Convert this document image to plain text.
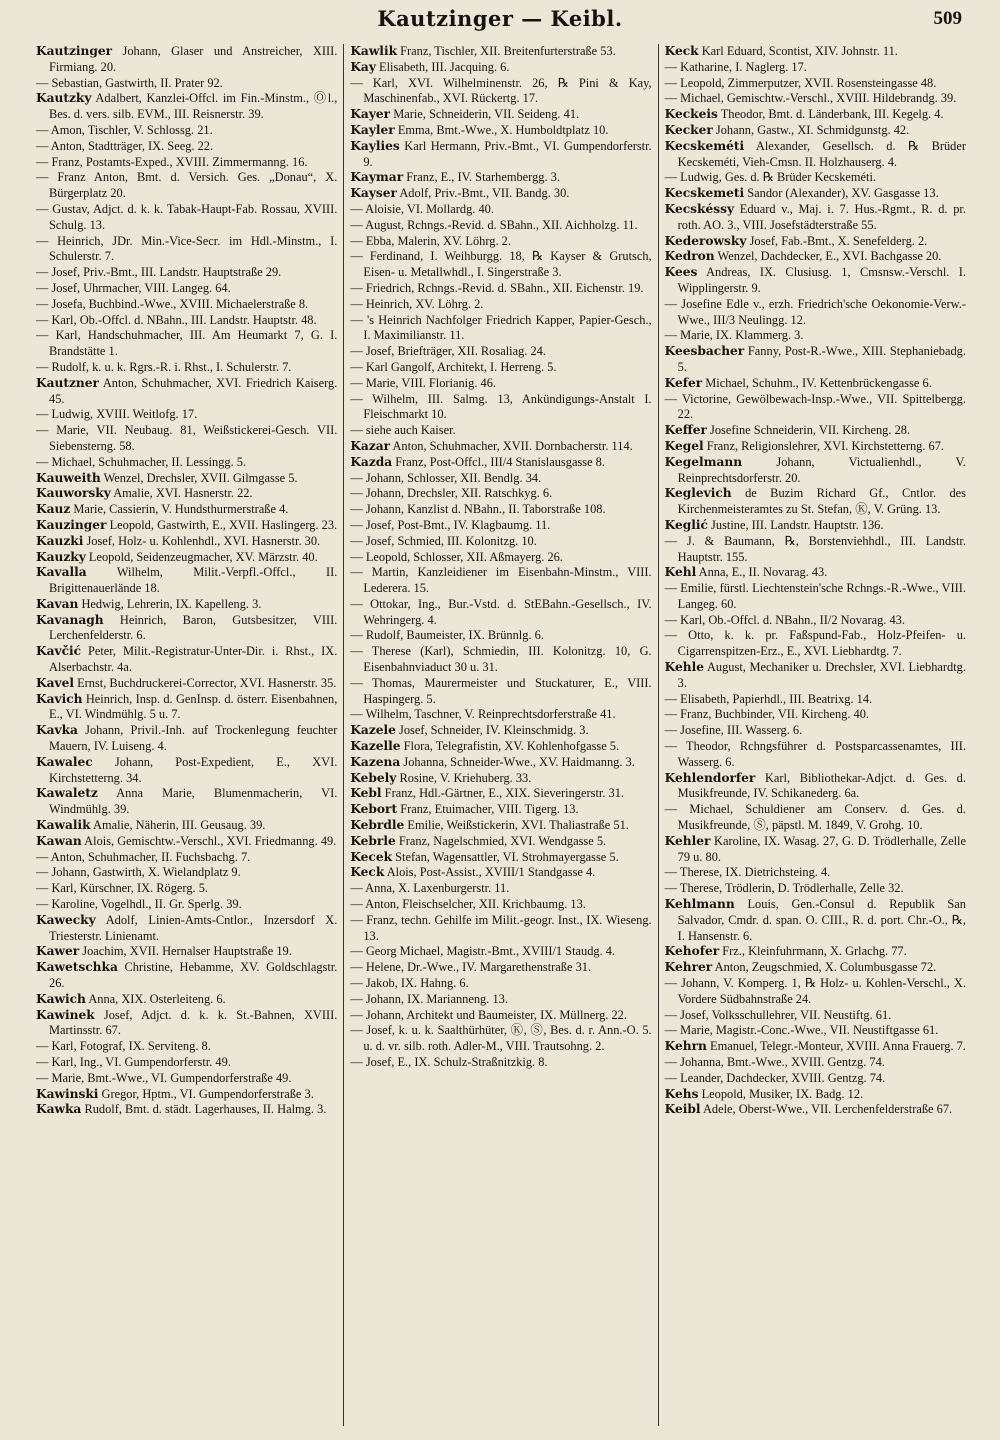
Kautzinger — Keibl.	509
Kautzinger Johann, Glaser und Anstreicher, XIII. Firmiang. 20.
— Sebastian, Gastwirth, II. Prater 92.
Kautzky Adalbert, Kanzlei-Offcl. im Fin.-Minstm., Ⓞl., Bes. d. vers. silb. EVM., III. Reisnerstr. 39.
— Amon, Tischler, V. Schlossg. 21.
— Anton, Stadtträger, IX. Seeg. 22.
— Franz, Postamts-Exped., XVIII. Zimmermanng. 16.
— Franz Anton, Bmt. d. Versich. Ges. „Donau“, X. Bürgerplatz 20.
— Gustav, Adjct. d. k. k. Tabak-Haupt-Fab. Rossau, XVIII. Schulg. 13.
— Heinrich, JDr. Min.-Vice-Secr. im Hdl.-Minstm., I. Schulerstr. 7.
— Josef, Priv.-Bmt., III. Landstr. Hauptstraße 29.
— Josef, Uhrmacher, VIII. Langeg. 64.
— Josefa, Buchbind.-Wwe., XVIII. Michaelerstraße 8.
— Karl, Ob.-Offcl. d. NBahn., III. Landstr. Hauptstr. 48.
— Karl, Handschuhmacher, III. Am Heumarkt 7, G. I. Brandstätte 1.
— Rudolf, k. u. k. Rgrs.-R. i. Rhst., I. Schulerstr. 7.
Kautzner Anton, Schuhmacher, XVI. Friedrich Kaiserg. 45.
— Ludwig, XVIII. Weitlofg. 17.
— Marie, VII. Neubaug. 81, Weißstickerei-Gesch. VII. Siebensterng. 58.
— Michael, Schuhmacher, II. Lessingg. 5.
Kauweith Wenzel, Drechsler, XVII. Gilmgasse 5.
Kauworsky Amalie, XVI. Hasnerstr. 22.
Kauz Marie, Cassierin, V. Hundsthurmerstraße 4.
Kauzinger Leopold, Gastwirth, E., XVII. Haslingerg. 23.
Kauzki Josef, Holz- u. Kohlenhdl., XVI. Hasnerstr. 30.
Kauzky Leopold, Seidenzeugmacher, XV. Märzstr. 40.
Kavalla Wilhelm, Milit.-Verpfl.-Offcl., II. Brigittenauerlände 18.
Kavan Hedwig, Lehrerin, IX. Kapelleng. 3.
Kavanagh Heinrich, Baron, Gutsbesitzer, VIII. Lerchenfelderstr. 6.
Kavčić Peter, Milit.-Registratur-Unter-Dir. i. Rhst., IX. Alserbachstr. 4a.
Kavel Ernst, Buchdruckerei-Corrector, XVI. Hasnerstr. 35.
Kavich Heinrich, Insp. d. GenInsp. d. österr. Eisenbahnen, E., VI. Windmühlg. 5 u. 7.
Kavka Johann, Privil.-Inh. auf Trockenlegung feuchter Mauern, IV. Luiseng. 4.
Kawalec Johann, Post-Expedient, E., XVI. Kirchstetterng. 34.
Kawaletz Anna Marie, Blumenmacherin, VI. Windmühlg. 39.
Kawalik Amalie, Näherin, III. Geusaug. 39.
Kawan Alois, Gemischtw.-Verschl., XVI. Friedmanng. 49.
— Anton, Schuhmacher, II. Fuchsbachg. 7.
— Johann, Gastwirth, X. Wielandplatz 9.
— Karl, Kürschner, IX. Rögerg. 5.
— Karoline, Vogelhdl., II. Gr. Sperlg. 39.
Kawecky Adolf, Linien-Amts-Cntlor., Inzersdorf X. Triesterstr. Linienamt.
Kawer Joachim, XVII. Hernalser Hauptstraße 19.
Kawetschka Christine, Hebamme, XV. Goldschlagstr. 26.
Kawich Anna, XIX. Osterleiteng. 6.
Kawinek Josef, Adjct. d. k. k. St.-Bahnen, XVIII. Martinsstr. 67.
— Karl, Fotograf, IX. Serviteng. 8.
— Karl, Ing., VI. Gumpendorferstr. 49.
— Marie, Bmt.-Wwe., VI. Gumpendorferstraße 49.
Kawinski Gregor, Hptm., VI. Gumpendorferstraße 3.
Kawka Rudolf, Bmt. d. städt. Lagerhauses, II. Halmg. 3.
Kawlik Franz, Tischler, XII. Breitenfurterstraße 53.
Kay Elisabeth, III. Jacquing. 6.
— Karl, XVI. Wilhelminenstr. 26, ℞ Pini & Kay, Maschinenfab., XVI. Rückertg. 17.
Kayer Marie, Schneiderin, VII. Seideng. 41.
Kayler Emma, Bmt.-Wwe., X. Humboldtplatz 10.
Kaylies Karl Hermann, Priv.-Bmt., VI. Gumpendorferstr. 9.
Kaymar Franz, E., IV. Starhembergg. 3.
Kayser Adolf, Priv.-Bmt., VII. Bandg. 30.
— Aloisie, VI. Mollardg. 40.
— August, Rchngs.-Revid. d. SBahn., XII. Aichholzg. 11.
— Ebba, Malerin, XV. Löhrg. 2.
— Ferdinand, I. Weihburgg. 18, ℞ Kayser & Grutsch, Eisen- u. Metallwhdl., I. Singerstraße 3.
— Friedrich, Rchngs.-Revid. d. SBahn., XII. Eichenstr. 19.
— Heinrich, XV. Löhrg. 2.
— 's Heinrich Nachfolger Friedrich Kapper, Papier-Gesch., I. Maximilianstr. 11.
— Josef, Briefträger, XII. Rosaliag. 24.
— Karl Gangolf, Architekt, I. Herreng. 5.
— Marie, VIII. Florianig. 46.
— Wilhelm, III. Salmg. 13, Ankündigungs-Anstalt I. Fleischmarkt 10.
— siehe auch Kaiser.
Kazar Anton, Schuhmacher, XVII. Dornbacherstr. 114.
Kazda Franz, Post-Offcl., III/4 Stanislausgasse 8.
— Johann, Schlosser, XII. Bendlg. 34.
— Johann, Drechsler, XII. Ratschkyg. 6.
— Johann, Kanzlist d. NBahn., II. Taborstraße 108.
— Josef, Post-Bmt., IV. Klagbaumg. 11.
— Josef, Schmied, III. Kolonitzg. 10.
— Leopold, Schlosser, XII. Aßmayerg. 26.
— Martin, Kanzleidiener im Eisenbahn-Minstm., VIII. Lederera. 15.
— Ottokar, Ing., Bur.-Vstd. d. StEBahn.-Gesellsch., IV. Wehringerg. 4.
— Rudolf, Baumeister, IX. Brünnlg. 6.
— Therese (Karl), Schmiedin, III. Kolonitzg. 10, G. Eisenbahnviaduct 30 u. 31.
— Thomas, Maurermeister und Stuckaturer, E., VIII. Haspingerg. 5.
— Wilhelm, Taschner, V. Reinprechtsdorferstraße 41.
Kazele Josef, Schneider, IV. Kleinschmidg. 3.
Kazelle Flora, Telegrafistin, XV. Kohlenhofgasse 5.
Kazena Johanna, Schneider-Wwe., XV. Haidmanng. 3.
Kebely Rosine, V. Kriehuberg. 33.
Kebl Franz, Hdl.-Gärtner, E., XIX. Sieveringerstr. 31.
Kebort Franz, Etuimacher, VIII. Tigerg. 13.
Kebrdle Emilie, Weißstickerin, XVI. Thaliastraße 51.
Kebrle Franz, Nagelschmied, XVI. Wendgasse 5.
Kecek Stefan, Wagensattler, VI. Strohmayergasse 5.
Keck Alois, Post-Assist., XVIII/1 Standgasse 4.
— Anna, X. Laxenburgerstr. 11.
— Anton, Fleischselcher, XII. Krichbaumg. 13.
— Franz, techn. Gehilfe im Milit.-geogr. Inst., IX. Wieseng. 13.
— Georg Michael, Magistr.-Bmt., XVIII/1 Staudg. 4.
— Helene, Dr.-Wwe., IV. Margarethenstraße 31.
— Jakob, IX. Hahng. 6.
— Johann, IX. Marianneng. 13.
— Johann, Architekt und Baumeister, IX. Müllnerg. 22.
— Josef, k. u. k. Saalthürhüter, Ⓚ, Ⓢ, Bes. d. r. Ann.-O. 5. u. d. vr. silb. roth. Adler-M., VIII. Trautsohng. 2.
— Josef, E., IX. Schulz-Straßnitzkig. 8.
Keck Karl Eduard, Scontist, XIV. Johnstr. 11.
— Katharine, I. Naglerg. 17.
— Leopold, Zimmerputzer, XVII. Rosensteingasse 48.
— Michael, Gemischtw.-Verschl., XVIII. Hildebrandg. 39.
Keckeis Theodor, Bmt. d. Länderbank, III. Kegelg. 4.
Kecker Johann, Gastw., XI. Schmidgunstg. 42.
Kecskeméti Alexander, Gesellsch. d. ℞ Brüder Kecskeméti, Vieh-Cmsn. II. Holzhauserg. 4.
— Ludwig, Ges. d. ℞ Brüder Kecskeméti.
Kecskemeti Sandor (Alexander), XV. Gasgasse 13.
Kecskéssy Eduard v., Maj. i. 7. Hus.-Rgmt., R. d. pr. roth. AO. 3., VIII. Josefstädterstraße 55.
Kederowsky Josef, Fab.-Bmt., X. Senefelderg. 2.
Kedron Wenzel, Dachdecker, E., XVI. Bachgasse 20.
Kees Andreas, IX. Clusiusg. 1, Cmsnsw.-Verschl. I. Wipplingerstr. 9.
— Josefine Edle v., erzh. Friedrich'sche Oekonomie-Verw.-Wwe., III/3 Neulingg. 12.
— Marie, IX. Klammerg. 3.
Keesbacher Fanny, Post-R.-Wwe., XIII. Stephaniebadg. 5.
Kefer Michael, Schuhm., IV. Kettenbrückengasse 6.
— Victorine, Gewölbewach-Insp.-Wwe., VII. Spittelbergg. 22.
Keffer Josefine Schneiderin, VII. Kircheng. 28.
Kegel Franz, Religionslehrer, XVI. Kirchstetterng. 67.
Kegelmann	Johann, Victualienhdl., V. Reinprechtsdorferstr. 20.
Keglevich de Buzim Richard Gf., Cntlor. des Kirchenmeisteramtes zu St. Stefan, Ⓚ, V. Grüng. 13.
Keglić Justine, III. Landstr. Hauptstr. 136.
— J. & Baumann, ℞, Borstenviehhdl., III. Landstr. Hauptstr. 155.
Kehl Anna, E., II. Novarag. 43.
— Emilie, fürstl. Liechtenstein'sche Rchngs.-R.-Wwe., VIII. Langeg. 60.
— Karl, Ob.-Offcl. d. NBahn., II/2 Novarag. 43.
— Otto, k. k. pr. Faßspund-Fab., Holz-Pfeifen- u. Cigarrenspitzen-Erz., E., XVI. Liebhardtg. 7.
Kehle August, Mechaniker u. Drechsler, XVI. Liebhardtg. 3.
— Elisabeth, Papierhdl., III. Beatrixg. 14.
— Franz, Buchbinder, VII. Kircheng. 40.
— Josefine, III. Wasserg. 6.
— Theodor, Rchngsführer d. Postsparcassenamtes, III. Wasserg. 6.
Kehlendorfer Karl, Bibliothekar-Adjct. d. Ges. d. Musikfreunde, IV. Schikanederg. 6a.
— Michael, Schuldiener am Conserv. d. Ges. d. Musikfreunde, Ⓢ, päpstl. M. 1849, V. Grohg. 10.
Kehler Karoline, IX. Wasag. 27, G. D. Trödlerhalle, Zelle 79 u. 80.
— Therese, IX. Dietrichsteing. 4.
— Therese, Trödlerin, D. Trödlerhalle, Zelle 32.
Kehlmann Louis, Gen.-Consul d. Republik San Salvador, Cmdr. d. span. O. CIII., R. d. port. Chr.-O., ℞, I. Hansenstr. 6.
Kehofer Frz., Kleinfuhrmann, X. Grlachg. 77.
Kehrer Anton, Zeugschmied, X. Columbusgasse 72.
— Johann, V. Komperg. 1, ℞ Holz- u. Kohlen-Verschl., X. Vordere Südbahnstraße 24.
— Josef, Volksschullehrer, VII. Neustiftg. 61.
— Marie, Magistr.-Conc.-Wwe., VII. Neustiftgasse 61.
Kehrn Emanuel, Telegr.-Monteur, XVIII. Anna Frauerg. 7.
— Johanna, Bmt.-Wwe., XVIII. Gentzg. 74.
— Leander, Dachdecker, XVIII. Gentzg. 74.
Kehs Leopold, Musiker, IX. Badg. 12.
Keibl Adele, Oberst-Wwe., VII. Lerchenfelderstraße 67.
